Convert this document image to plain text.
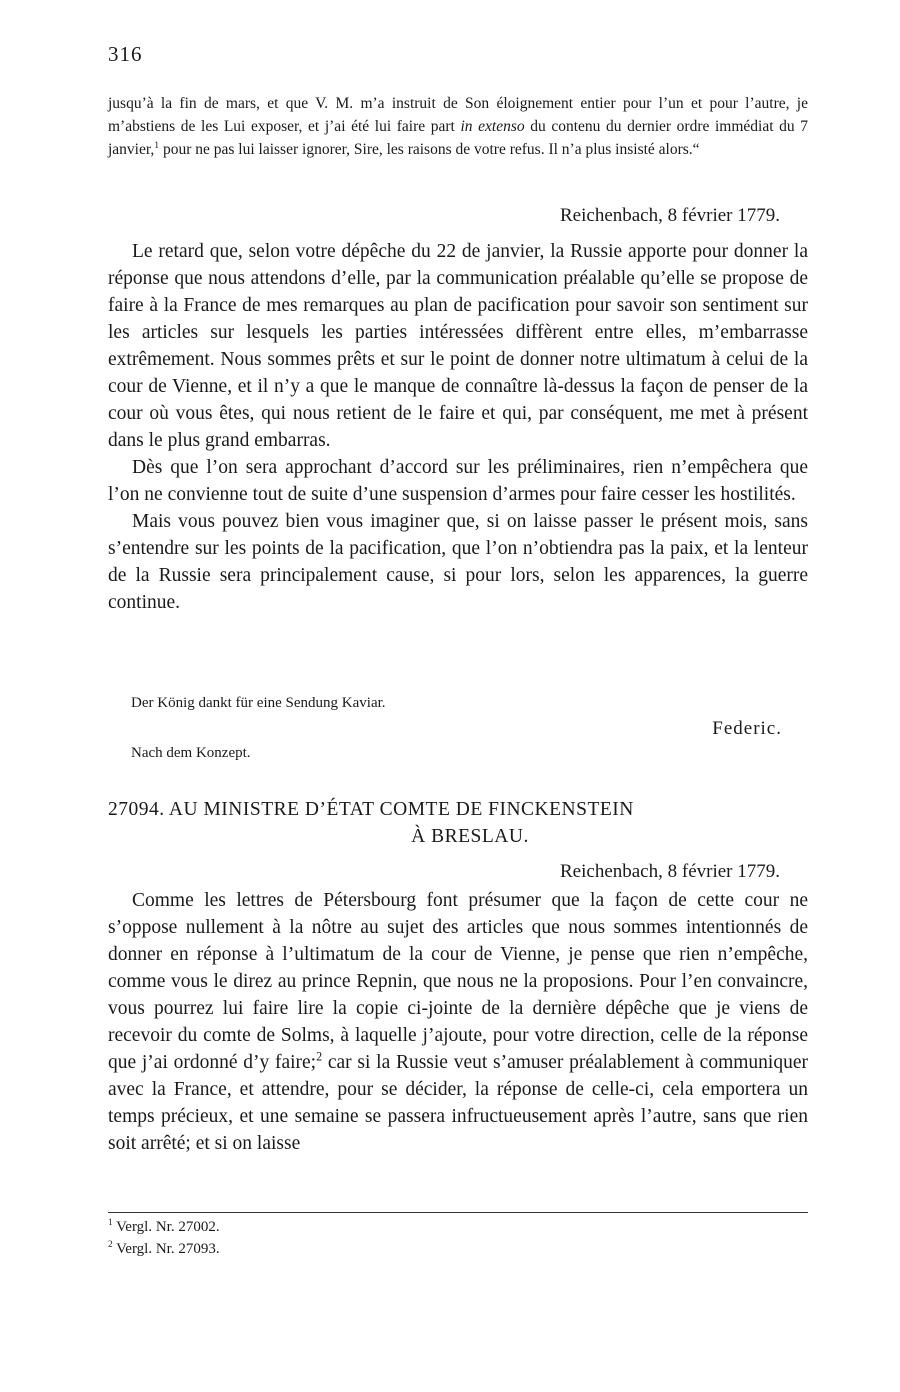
316
jusqu’à la fin de mars, et que V. M. m’a instruit de Son éloignement entier pour l’un et pour l’autre, je m’abstiens de les Lui exposer, et j’ai été lui faire part in extenso du contenu du dernier ordre immédiat du 7 janvier,$^1$ pour ne pas lui laisser ignorer, Sire, les raisons de votre refus. Il n’a plus insisté alors.“
Reichenbach, 8 février 1779.

Le retard que, selon votre dépêche du 22 de janvier, la Russie apporte pour donner la réponse que nous attendons d’elle, par la communication préalable qu’elle se propose de faire à la France de mes remarques au plan de pacification pour savoir son sentiment sur les articles sur lesquels les parties intéressées diffèrent entre elles, m’embarrasse extrêmement. Nous sommes prêts et sur le point de donner notre ultimatum à celui de la cour de Vienne, et il n’y a que le manque de connaître là-dessus la façon de penser de la cour où vous êtes, qui nous retient de le faire et qui, par conséquent, me met à présent dans le plus grand embarras.

Dès que l’on sera approchant d’accord sur les préliminaires, rien n’empêchera que l’on ne convienne tout de suite d’une suspension d’armes pour faire cesser les hostilités.

Mais vous pouvez bien vous imaginer que, si on laisse passer le présent mois, sans s’entendre sur les points de la pacification, que l’on n’obtiendra pas la paix, et la lenteur de la Russie sera principalement cause, si pour lors, selon les apparences, la guerre continue.

Der König dankt für eine Sendung Kaviar.
Federic.
Nach dem Konzept.
27094. AU MINISTRE D’ÉTAT COMTE DE FINCKENSTEIN
À BRESLAU.
Reichenbach, 8 février 1779.

Comme les lettres de Pétersbourg font présumer que la façon de cette cour ne s’oppose nullement à la nôtre au sujet des articles que nous sommes intentionnés de donner en réponse à l’ultimatum de la cour de Vienne, je pense que rien n’empêche, comme vous le direz au prince Repnin, que nous ne la proposions. Pour l’en convaincre, vous pourrez lui faire lire la copie ci-jointe de la dernière dépêche que je viens de recevoir du comte de Solms, à laquelle j’ajoute, pour votre direction, celle de la réponse que j’ai ordonné d’y faire;$^2$ car si la Russie veut s’amuser préalablement à communiquer avec la France, et attendre, pour se décider, la réponse de celle-ci, cela emportera un temps précieux, et une semaine se passera infructueusement après l’autre, sans que rien soit arrêté; et si on laisse

$^1$ Vergl. Nr. 27002.
$^2$ Vergl. Nr. 27093.
